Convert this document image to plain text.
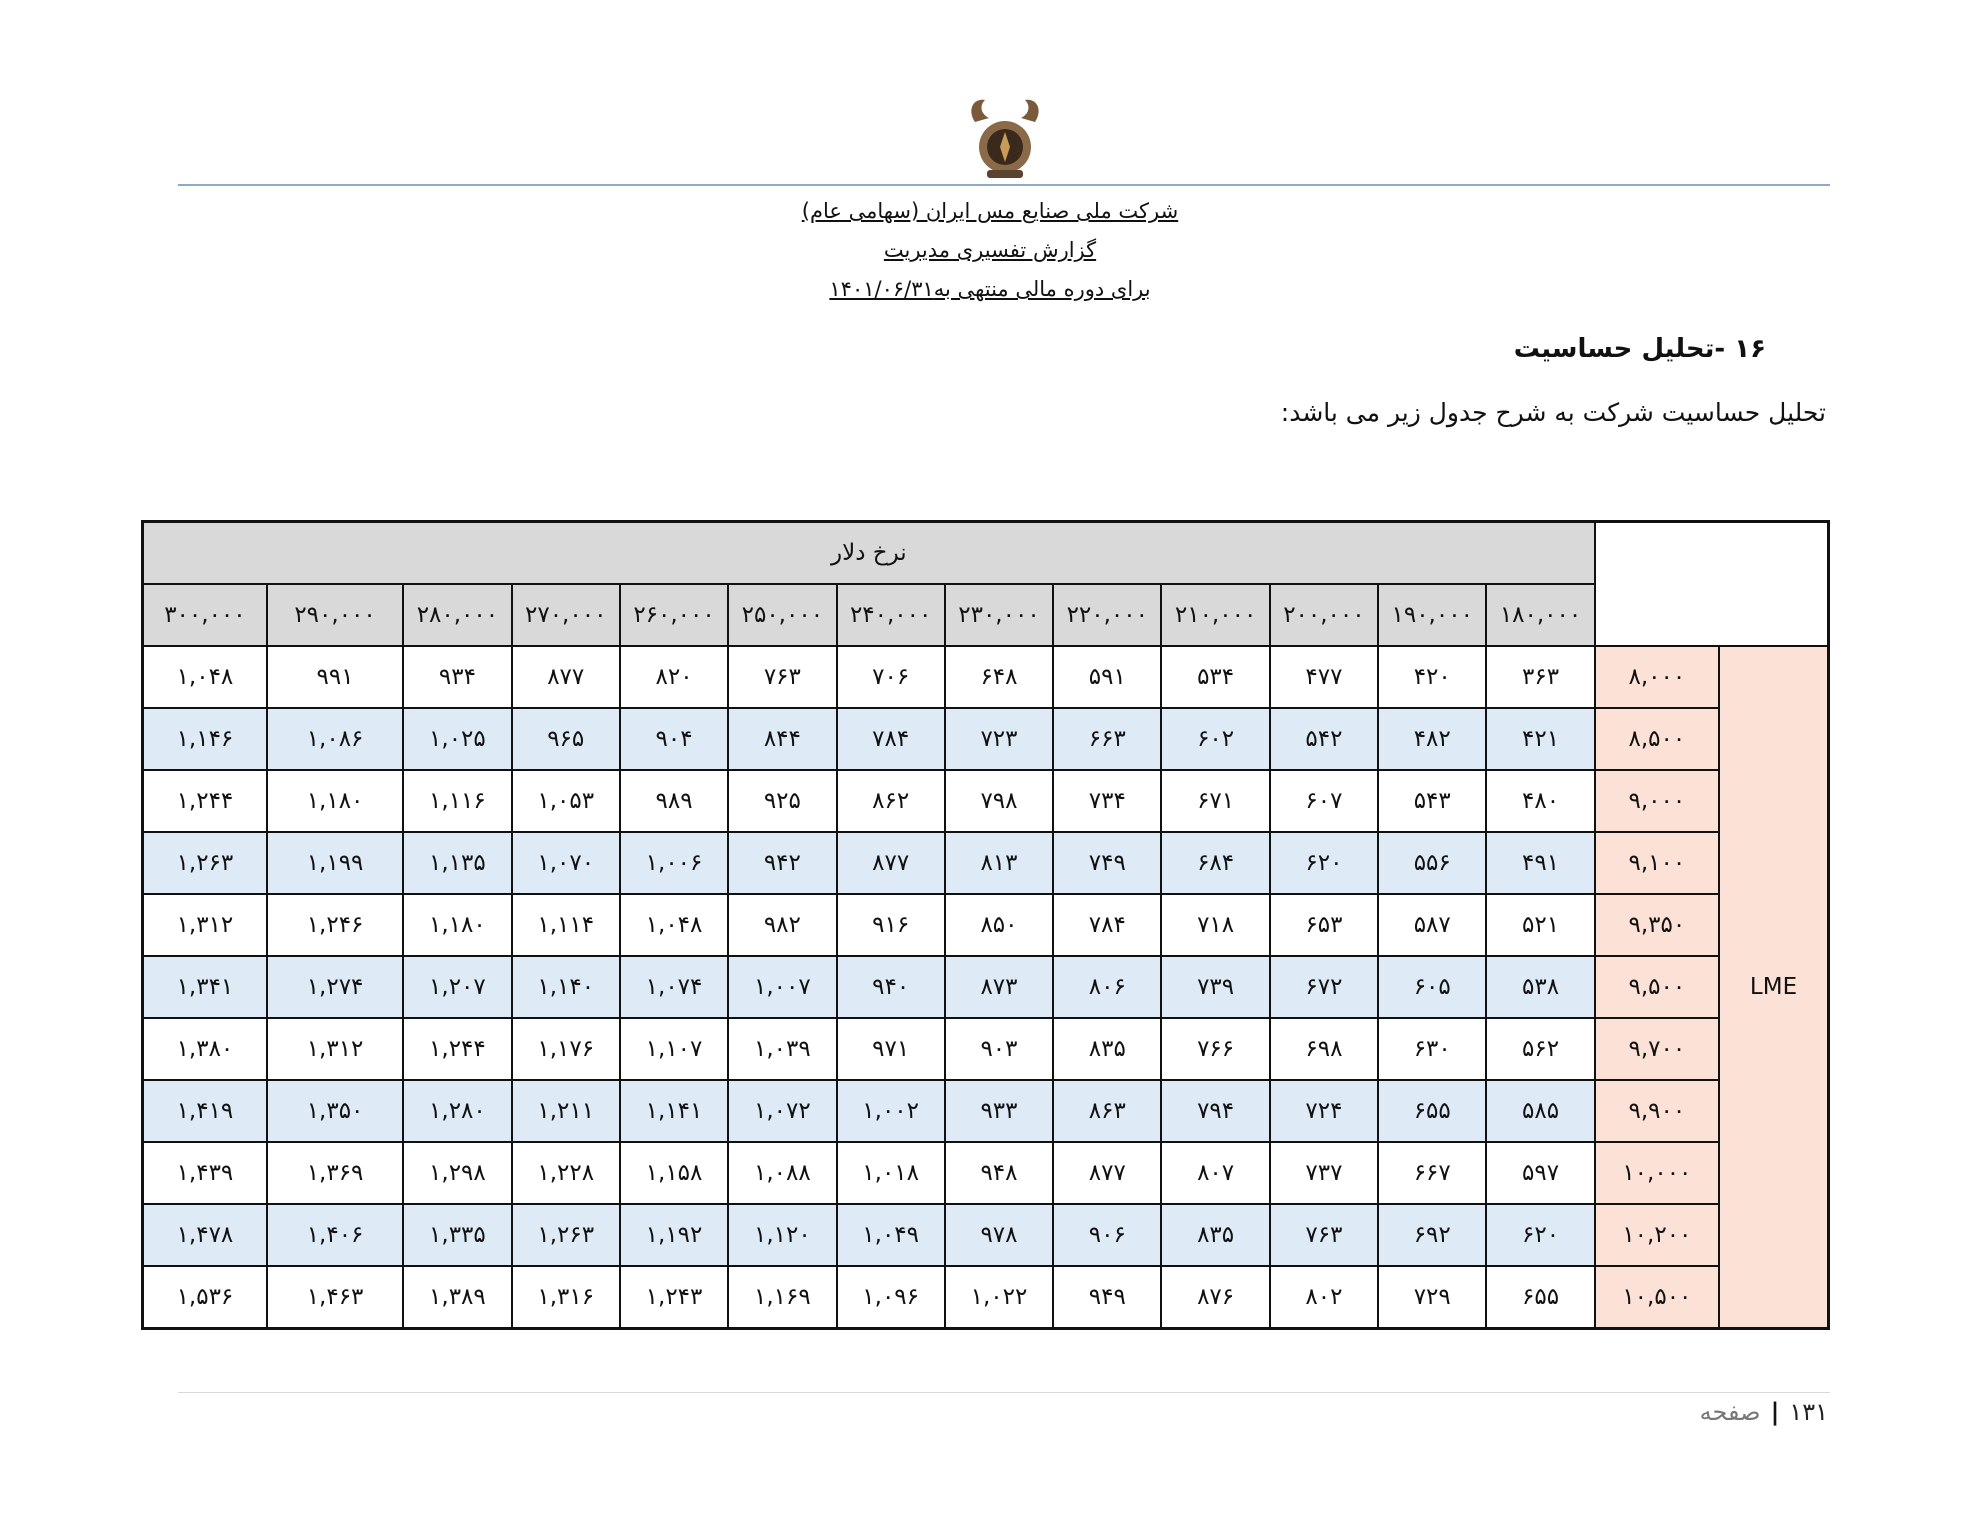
شرکت ملی صنایع مس ایران (سهامی عام)
گزارش تفسیری مدیریت
برای دوره مالی منتهی به۱۴۰۱/۰۶/۳۱
۱۶ -تحلیل حساسیت
تحلیل حساسیت شرکت به شرح جدول زیر می باشد:
نرخ دلار														
۳۰۰,۰۰۰	۲۹۰,۰۰۰	۲۸۰,۰۰۰	۲۷۰,۰۰۰	۲۶۰,۰۰۰	۲۵۰,۰۰۰	۲۴۰,۰۰۰	۲۳۰,۰۰۰	۲۲۰,۰۰۰	۲۱۰,۰۰۰	۲۰۰,۰۰۰	۱۹۰,۰۰۰	۱۸۰,۰۰۰		
۱,۰۴۸	۹۹۱	۹۳۴	۸۷۷	۸۲۰	۷۶۳	۷۰۶	۶۴۸	۵۹۱	۵۳۴	۴۷۷	۴۲۰	۳۶۳	۸,۰۰۰	LME
۱,۱۴۶	۱,۰۸۶	۱,۰۲۵	۹۶۵	۹۰۴	۸۴۴	۷۸۴	۷۲۳	۶۶۳	۶۰۲	۵۴۲	۴۸۲	۴۲۱	۸,۵۰۰	
۱,۲۴۴	۱,۱۸۰	۱,۱۱۶	۱,۰۵۳	۹۸۹	۹۲۵	۸۶۲	۷۹۸	۷۳۴	۶۷۱	۶۰۷	۵۴۳	۴۸۰	۹,۰۰۰	
۱,۲۶۳	۱,۱۹۹	۱,۱۳۵	۱,۰۷۰	۱,۰۰۶	۹۴۲	۸۷۷	۸۱۳	۷۴۹	۶۸۴	۶۲۰	۵۵۶	۴۹۱	۹,۱۰۰	
۱,۳۱۲	۱,۲۴۶	۱,۱۸۰	۱,۱۱۴	۱,۰۴۸	۹۸۲	۹۱۶	۸۵۰	۷۸۴	۷۱۸	۶۵۳	۵۸۷	۵۲۱	۹,۳۵۰	
۱,۳۴۱	۱,۲۷۴	۱,۲۰۷	۱,۱۴۰	۱,۰۷۴	۱,۰۰۷	۹۴۰	۸۷۳	۸۰۶	۷۳۹	۶۷۲	۶۰۵	۵۳۸	۹,۵۰۰	
۱,۳۸۰	۱,۳۱۲	۱,۲۴۴	۱,۱۷۶	۱,۱۰۷	۱,۰۳۹	۹۷۱	۹۰۳	۸۳۵	۷۶۶	۶۹۸	۶۳۰	۵۶۲	۹,۷۰۰	
۱,۴۱۹	۱,۳۵۰	۱,۲۸۰	۱,۲۱۱	۱,۱۴۱	۱,۰۷۲	۱,۰۰۲	۹۳۳	۸۶۳	۷۹۴	۷۲۴	۶۵۵	۵۸۵	۹,۹۰۰	
۱,۴۳۹	۱,۳۶۹	۱,۲۹۸	۱,۲۲۸	۱,۱۵۸	۱,۰۸۸	۱,۰۱۸	۹۴۸	۸۷۷	۸۰۷	۷۳۷	۶۶۷	۵۹۷	۱۰,۰۰۰	
۱,۴۷۸	۱,۴۰۶	۱,۳۳۵	۱,۲۶۳	۱,۱۹۲	۱,۱۲۰	۱,۰۴۹	۹۷۸	۹۰۶	۸۳۵	۷۶۳	۶۹۲	۶۲۰	۱۰,۲۰۰	
۱,۵۳۶	۱,۴۶۳	۱,۳۸۹	۱,۳۱۶	۱,۲۴۳	۱,۱۶۹	۱,۰۹۶	۱,۰۲۲	۹۴۹	۸۷۶	۸۰۲	۷۲۹	۶۵۵	۱۰,۵۰۰	
۱۳۱|صفحه
